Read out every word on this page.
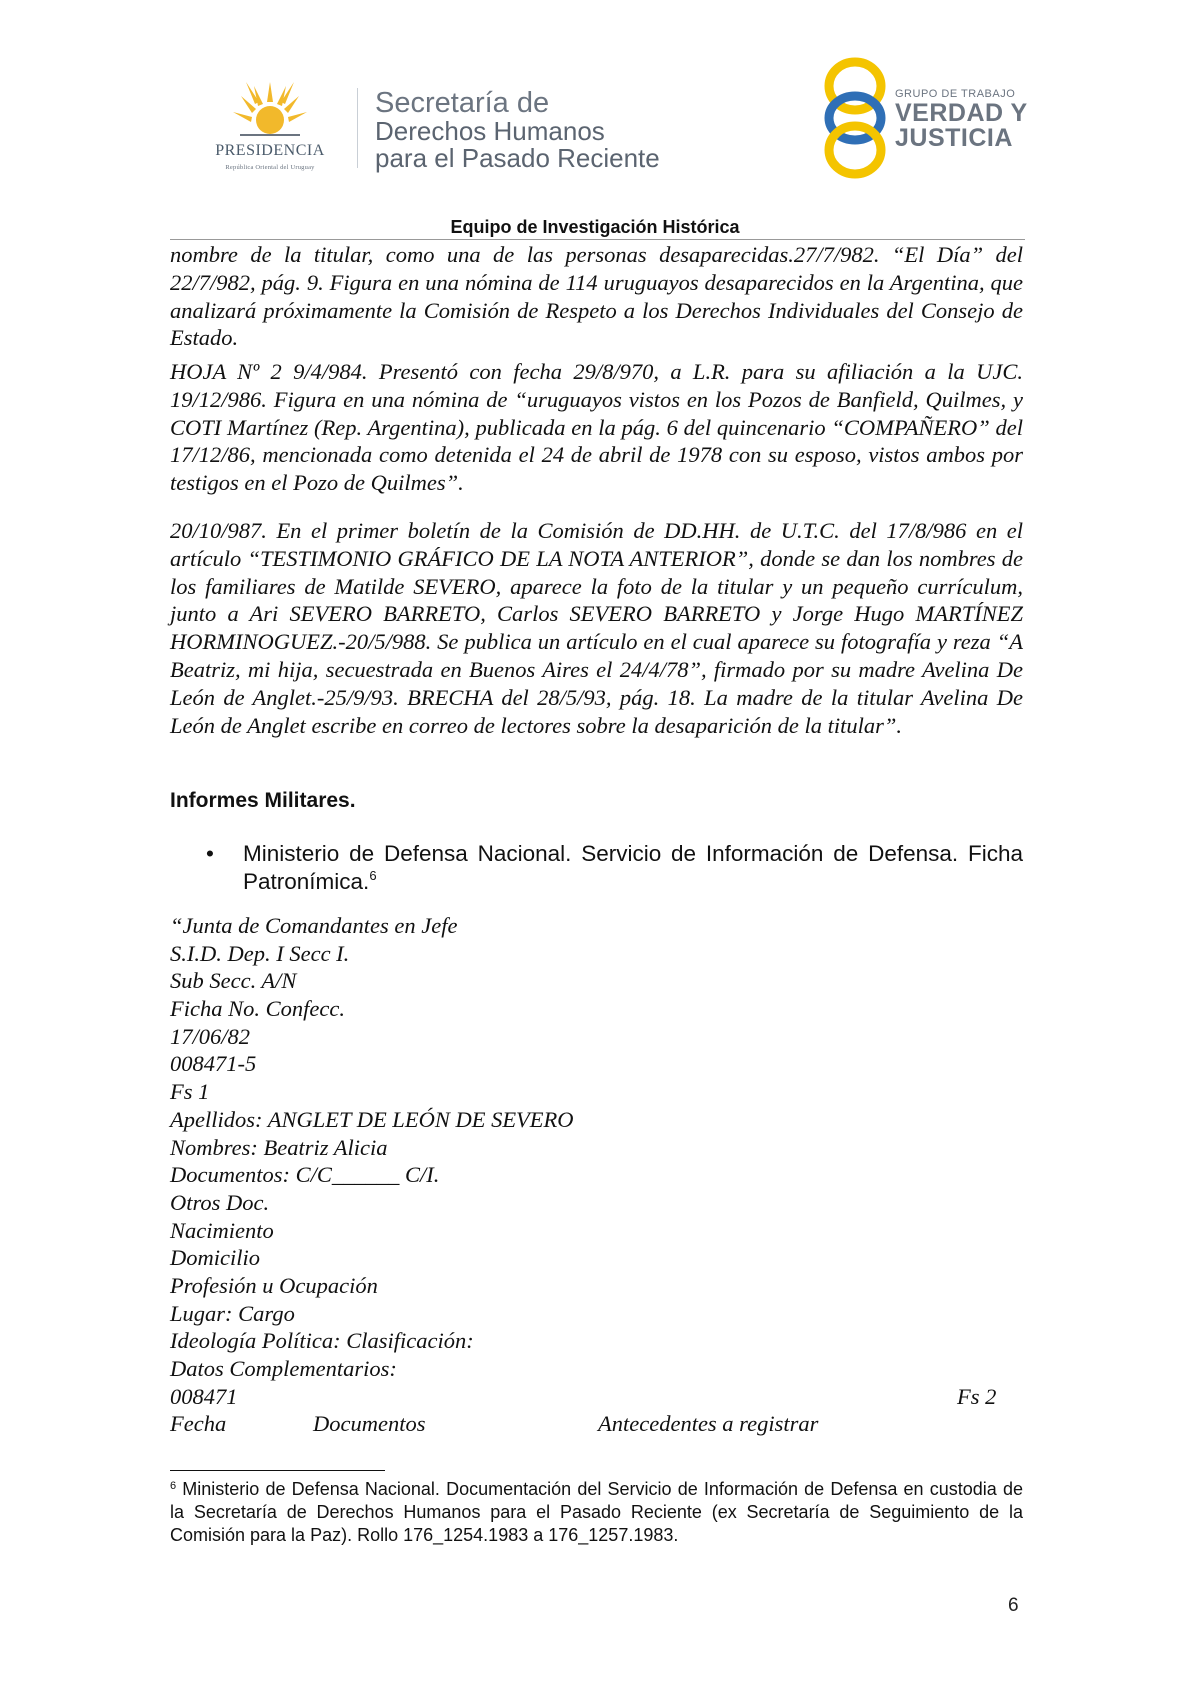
PRESIDENCIA
República Oriental del Uruguay
Secretaría de
Derechos Humanos
para el Pasado Reciente
GRUPO DE TRABAJO
VERDAD Y
JUSTICIA
Equipo de Investigación Histórica
nombre de la titular, como una de las personas desaparecidas.27/7/982. “El Día” del 22/7/982, pág. 9. Figura en una nómina de 114 uruguayos desaparecidos en la Argentina, que analizará próximamente la Comisión de Respeto a los Derechos Individuales del Consejo de Estado.
HOJA Nº 2 9/4/984. Presentó con fecha 29/8/970, a L.R. para su afiliación a la UJC. 19/12/986. Figura en una nómina de “uruguayos vistos en los Pozos de Banfield, Quilmes, y COTI Martínez (Rep. Argentina), publicada en la pág. 6 del quincenario “COMPAÑERO” del 17/12/86, mencionada como detenida el 24 de abril de 1978 con su esposo, vistos ambos por testigos en el Pozo de Quilmes”.
20/10/987. En el primer boletín de la Comisión de DD.HH. de U.T.C. del 17/8/986 en el artículo “TESTIMONIO GRÁFICO DE LA NOTA ANTERIOR”, donde se dan los nombres de los familiares de Matilde SEVERO, aparece la foto de la titular y un pequeño currículum, junto a Ari SEVERO BARRETO, Carlos SEVERO BARRETO y Jorge Hugo MARTÍNEZ HORMINOGUEZ.-20/5/988. Se publica un artículo en el cual aparece su fotografía y reza “A Beatriz, mi hija, secuestrada en Buenos Aires el 24/4/78”, firmado por su madre Avelina De León de Anglet.-25/9/93. BRECHA del 28/5/93, pág. 18. La madre de la titular Avelina De León de Anglet escribe en correo de lectores sobre la desaparición de la titular”.
Informes Militares.
• Ministerio de Defensa Nacional. Servicio de Información de Defensa. Ficha Patronímica.$^6$
“Junta de Comandantes en Jefe
S.I.D. Dep. I Secc I.
Sub Secc. A/N
Ficha No. Confecc.
17/06/82
008471-5
Fs 1
Apellidos: ANGLET DE LEÓN DE SEVERO
Nombres: Beatriz Alicia
Documentos: C/C______ C/I.
Otros Doc.
Nacimiento
Domicilio
Profesión u Ocupación
Lugar: Cargo
Ideología Política: Clasificación:
Datos Complementarios:
008471	Fs 2
Fecha	Documentos	Antecedentes a registrar
$^6$ Ministerio de Defensa Nacional. Documentación del Servicio de Información de Defensa en custodia de la Secretaría de Derechos Humanos para el Pasado Reciente (ex Secretaría de Seguimiento de la Comisión para la Paz). Rollo 176_1254.1983 a 176_1257.1983.
6
